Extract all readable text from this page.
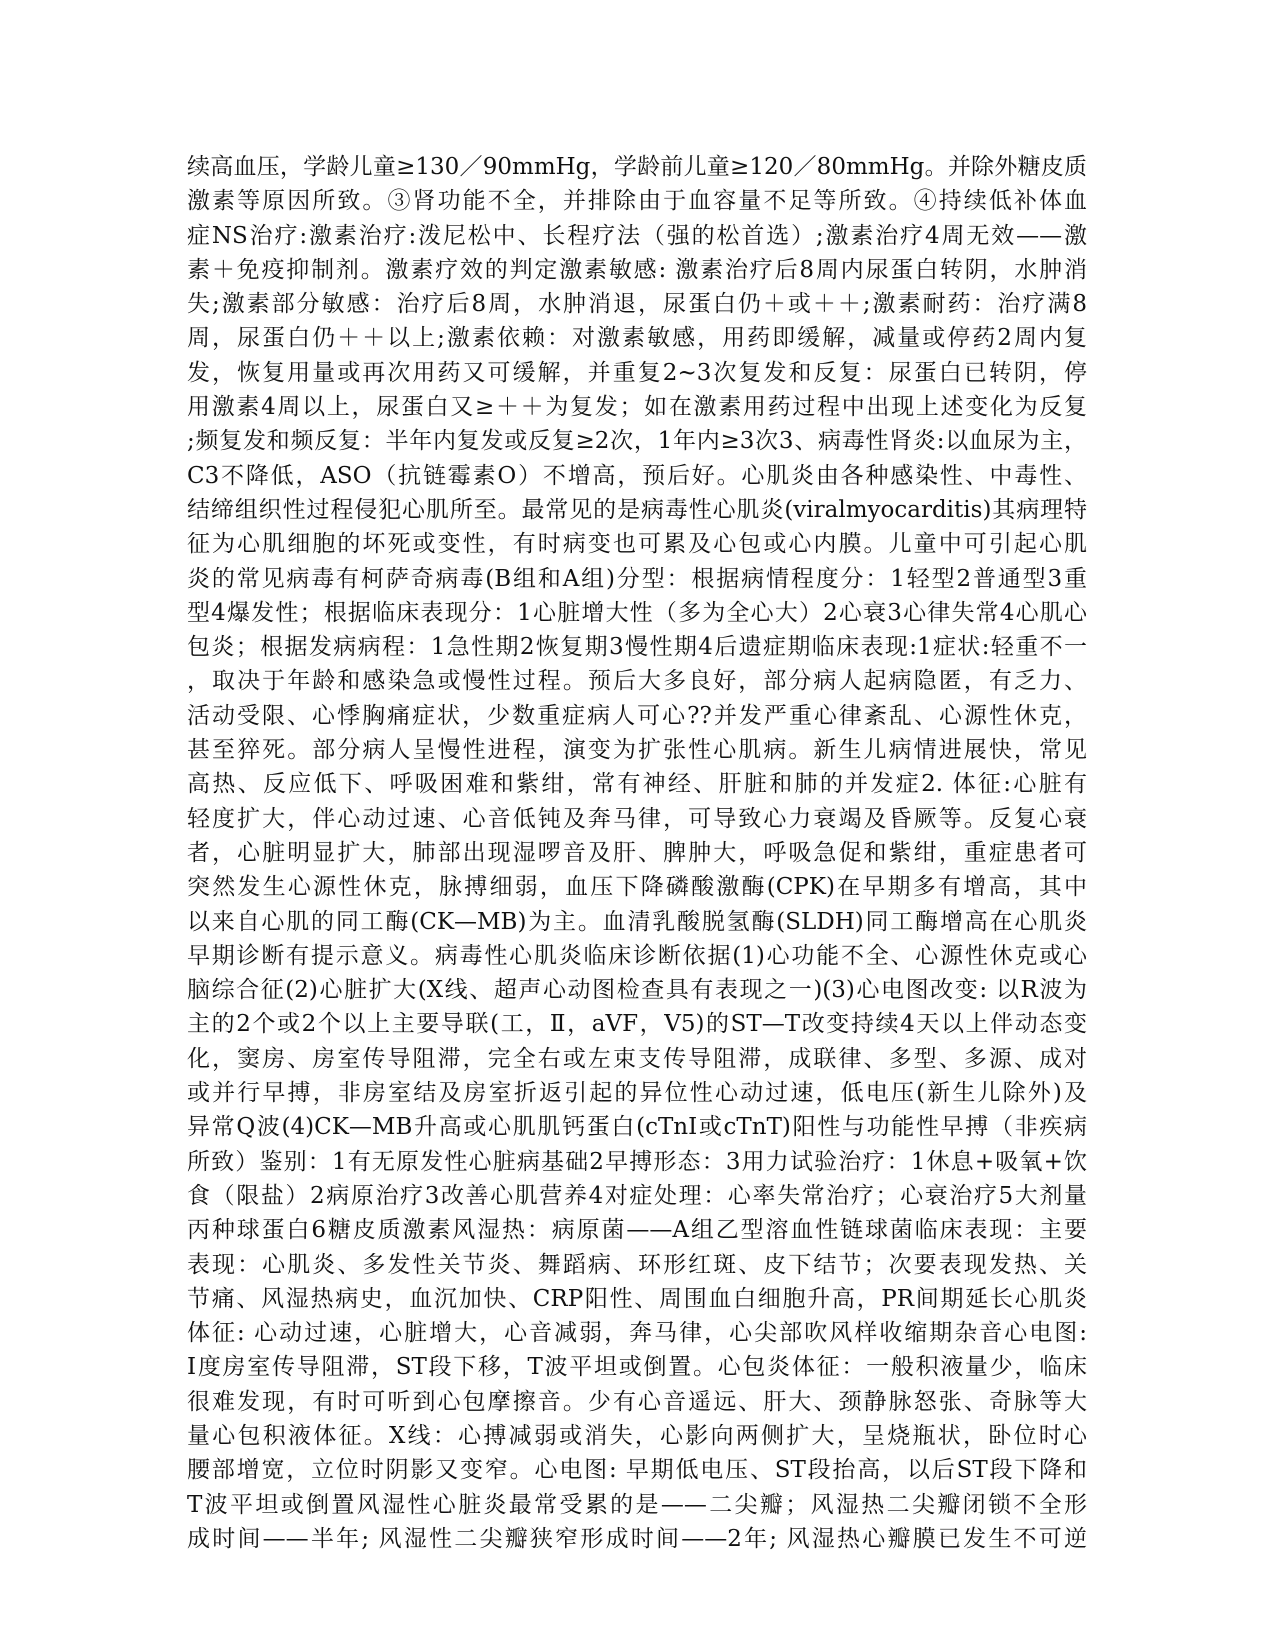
续高血压，学龄儿童≥130／90mmHg，学龄前儿童≥120／80mmHg。并除外糖皮质
激素等原因所致。③肾功能不全，并排除由于血容量不足等所致。④持续低补体血
症NS治疗:激素治疗:泼尼松中、长程疗法（强的松首选）;激素治疗4周无效——激
素＋免疫抑制剂。激素疗效的判定激素敏感: 激素治疗后8周内尿蛋白转阴，水肿消
失;激素部分敏感：治疗后8周，水肿消退，尿蛋白仍＋或＋＋;激素耐药：治疗满8
周，尿蛋白仍＋＋以上;激素依赖：对激素敏感，用药即缓解，减量或停药2周内复
发，恢复用量或再次用药又可缓解，并重复2~3次复发和反复：尿蛋白已转阴，停
用激素4周以上，尿蛋白又≥＋＋为复发；如在激素用药过程中出现上述变化为反复
;频复发和频反复：半年内复发或反复≥2次，1年内≥3次3、病毒性肾炎:以血尿为主，
C3不降低，ASO（抗链霉素O）不增高，预后好。心肌炎由各种感染性、中毒性、
结缔组织性过程侵犯心肌所至。最常见的是病毒性心肌炎(viralmyocarditis)其病理特
征为心肌细胞的坏死或变性，有时病变也可累及心包或心内膜。儿童中可引起心肌
炎的常见病毒有柯萨奇病毒(B组和A组)分型：根据病情程度分：1轻型2普通型3重
型4爆发性；根据临床表现分：1心脏增大性（多为全心大）2心衰3心律失常4心肌心
包炎；根据发病病程：1急性期2恢复期3慢性期4后遗症期临床表现:1症状:轻重不一
，取决于年龄和感染急或慢性过程。预后大多良好，部分病人起病隐匿，有乏力、
活动受限、心悸胸痛症状，少数重症病人可心??并发严重心律紊乱、心源性休克，
甚至猝死。部分病人呈慢性进程，演变为扩张性心肌病。新生儿病情进展快，常见
高热、反应低下、呼吸困难和紫绀，常有神经、肝脏和肺的并发症2. 体征:心脏有
轻度扩大，伴心动过速、心音低钝及奔马律，可导致心力衰竭及昏厥等。反复心衰
者，心脏明显扩大，肺部出现湿啰音及肝、脾肿大，呼吸急促和紫绀，重症患者可
突然发生心源性休克，脉搏细弱，血压下降磷酸激酶(CPK)在早期多有增高，其中
以来自心肌的同工酶(CK—MB)为主。血清乳酸脱氢酶(SLDH)同工酶增高在心肌炎
早期诊断有提示意义。病毒性心肌炎临床诊断依据(1)心功能不全、心源性休克或心
脑综合征(2)心脏扩大(X线、超声心动图检查具有表现之一)(3)心电图改变: 以R波为
主的2个或2个以上主要导联(工，Ⅱ，aVF，V5)的ST—T改变持续4天以上伴动态变
化，窦房、房室传导阻滞，完全右或左束支传导阻滞，成联律、多型、多源、成对
或并行早搏，非房室结及房室折返引起的异位性心动过速，低电压(新生儿除外)及
异常Q波(4)CK—MB升高或心肌肌钙蛋白(cTnI或cTnT)阳性与功能性早搏（非疾病
所致）鉴别：1有无原发性心脏病基础2早搏形态：3用力试验治疗：1休息+吸氧+饮
食（限盐）2病原治疗3改善心肌营养4对症处理：心率失常治疗；心衰治疗5大剂量
丙种球蛋白6糖皮质激素风湿热：病原菌——A组乙型溶血性链球菌临床表现：主要
表现：心肌炎、多发性关节炎、舞蹈病、环形红斑、皮下结节；次要表现发热、关
节痛、风湿热病史，血沉加快、CRP阳性、周围血白细胞升高，PR间期延长心肌炎
体征: 心动过速，心脏增大，心音减弱，奔马律，心尖部吹风样收缩期杂音心电图:
I度房室传导阻滞，ST段下移，T波平坦或倒置。心包炎体征：一般积液量少，临床
很难发现，有时可听到心包摩擦音。少有心音遥远、肝大、颈静脉怒张、奇脉等大
量心包积液体征。X线：心搏减弱或消失，心影向两侧扩大，呈烧瓶状，卧位时心
腰部增宽，立位时阴影又变窄。心电图: 早期低电压、ST段抬高，以后ST段下降和
T波平坦或倒置风湿性心脏炎最常受累的是——二尖瓣；风湿热二尖瓣闭锁不全形
成时间——半年; 风湿性二尖瓣狭窄形成时间——2年; 风湿热心瓣膜已发生不可逆
